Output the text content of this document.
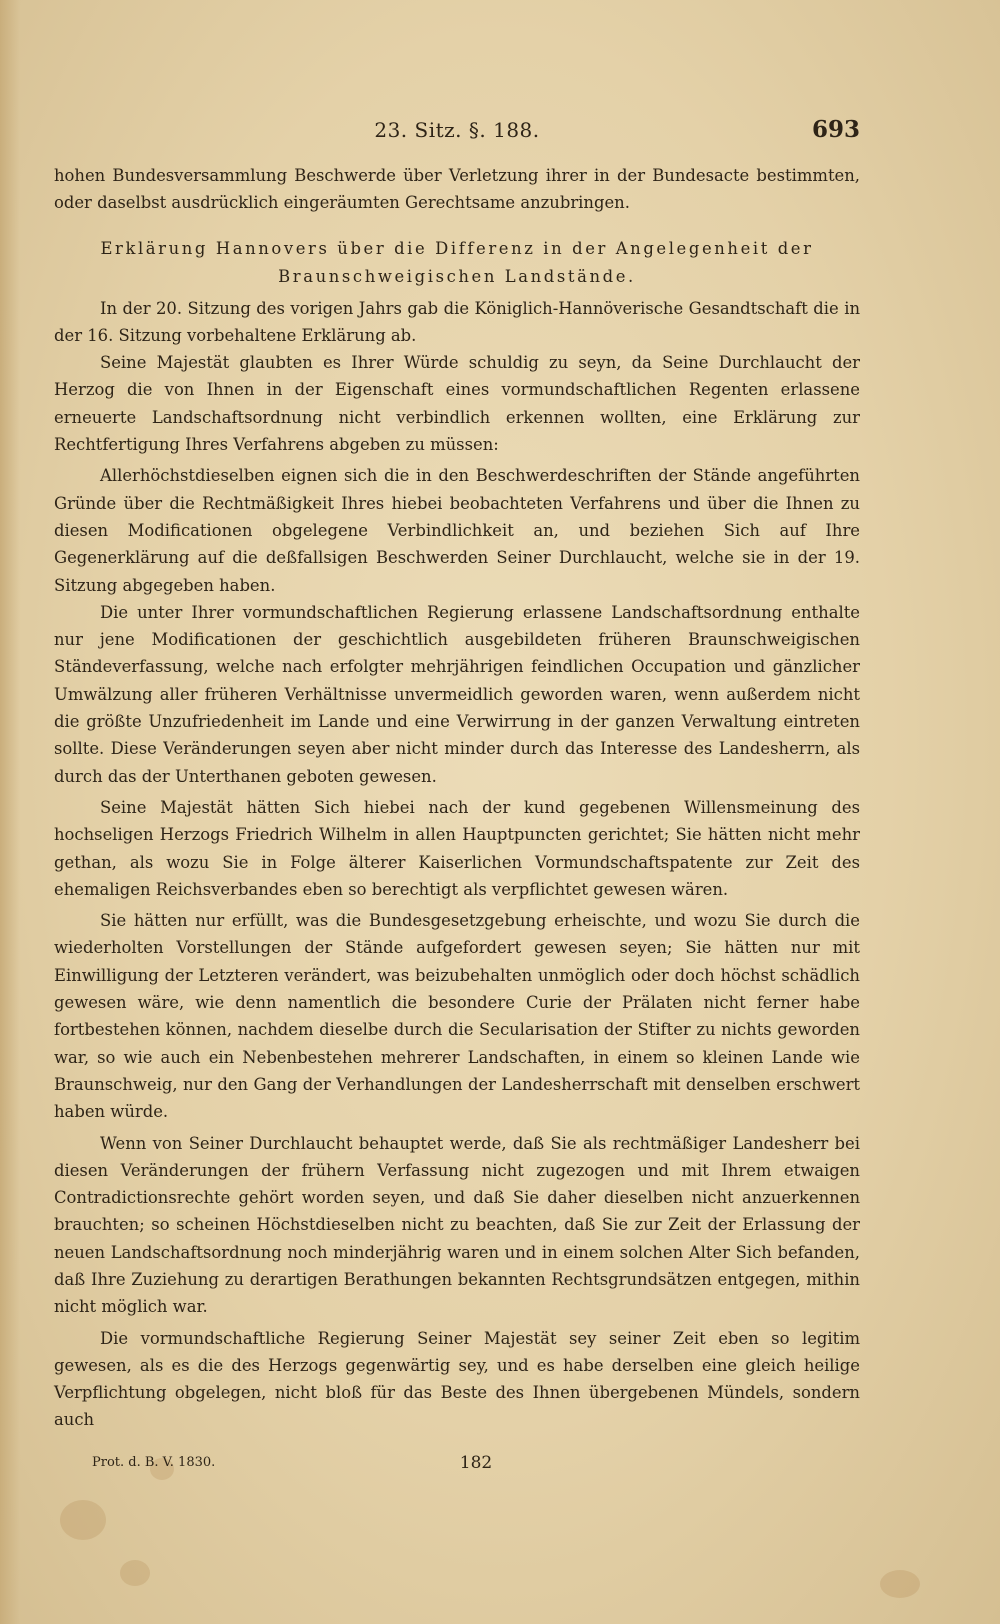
23. Sitz. §. 188.	693

hohen Bundesversammlung Beschwerde über Verletzung ihrer in der Bundesacte bestimmten, oder daselbst ausdrücklich eingeräumten Gerechtsame anzubringen.

Erklärung Hannovers über die Differenz in der Angelegenheit der Braunschweigischen Landstände.

In der 20. Sitzung des vorigen Jahrs gab die Königlich-Hannöverische Gesandtschaft die in der 16. Sitzung vorbehaltene Erklärung ab.

Seine Majestät glaubten es Ihrer Würde schuldig zu seyn, da Seine Durchlaucht der Herzog die von Ihnen in der Eigenschaft eines vormundschaftlichen Regenten erlassene erneuerte Landschaftsordnung nicht verbindlich erkennen wollten, eine Erklärung zur Rechtfertigung Ihres Verfahrens abgeben zu müssen:

Allerhöchstdieselben eignen sich die in den Beschwerdeschriften der Stände angeführten Gründe über die Rechtmäßigkeit Ihres hiebei beobachteten Verfahrens und über die Ihnen zu diesen Modificationen obgelegene Verbindlichkeit an, und beziehen Sich auf Ihre Gegenerklärung auf die deßfallsigen Beschwerden Seiner Durchlaucht, welche sie in der 19. Sitzung abgegeben haben.

Die unter Ihrer vormundschaftlichen Regierung erlassene Landschaftsordnung enthalte nur jene Modificationen der geschichtlich ausgebildeten früheren Braunschweigischen Ständeverfassung, welche nach erfolgter mehrjährigen feindlichen Occupation und gänzlicher Umwälzung aller früheren Verhältnisse unvermeidlich geworden waren, wenn außerdem nicht die größte Unzufriedenheit im Lande und eine Verwirrung in der ganzen Verwaltung eintreten sollte. Diese Veränderungen seyen aber nicht minder durch das Interesse des Landesherrn, als durch das der Unterthanen geboten gewesen.

Seine Majestät hätten Sich hiebei nach der kund gegebenen Willensmeinung des hochseligen Herzogs Friedrich Wilhelm in allen Hauptpuncten gerichtet; Sie hätten nicht mehr gethan, als wozu Sie in Folge älterer Kaiserlichen Vormundschaftspatente zur Zeit des ehemaligen Reichsverbandes eben so berechtigt als verpflichtet gewesen wären.

Sie hätten nur erfüllt, was die Bundesgesetzgebung erheischte, und wozu Sie durch die wiederholten Vorstellungen der Stände aufgefordert gewesen seyen; Sie hätten nur mit Einwilligung der Letzteren verändert, was beizubehalten unmöglich oder doch höchst schädlich gewesen wäre, wie denn namentlich die besondere Curie der Prälaten nicht ferner habe fortbestehen können, nachdem dieselbe durch die Secularisation der Stifter zu nichts geworden war, so wie auch ein Nebenbestehen mehrerer Landschaften, in einem so kleinen Lande wie Braunschweig, nur den Gang der Verhandlungen der Landesherrschaft mit denselben erschwert haben würde.

Wenn von Seiner Durchlaucht behauptet werde, daß Sie als rechtmäßiger Landesherr bei diesen Veränderungen der frühern Verfassung nicht zugezogen und mit Ihrem etwaigen Contradictionsrechte gehört worden seyen, und daß Sie daher dieselben nicht anzuerkennen brauchten; so scheinen Höchstdieselben nicht zu beachten, daß Sie zur Zeit der Erlassung der neuen Landschaftsordnung noch minderjährig waren und in einem solchen Alter Sich befanden, daß Ihre Zuziehung zu derartigen Berathungen bekannten Rechtsgrundsätzen entgegen, mithin nicht möglich war.

Die vormundschaftliche Regierung Seiner Majestät sey seiner Zeit eben so legitim gewesen, als es die des Herzogs gegenwärtig sey, und es habe derselben eine gleich heilige Verpflichtung obgelegen, nicht bloß für das Beste des Ihnen übergebenen Mündels, sondern auch

Prot. d. B. V. 1830.	182
